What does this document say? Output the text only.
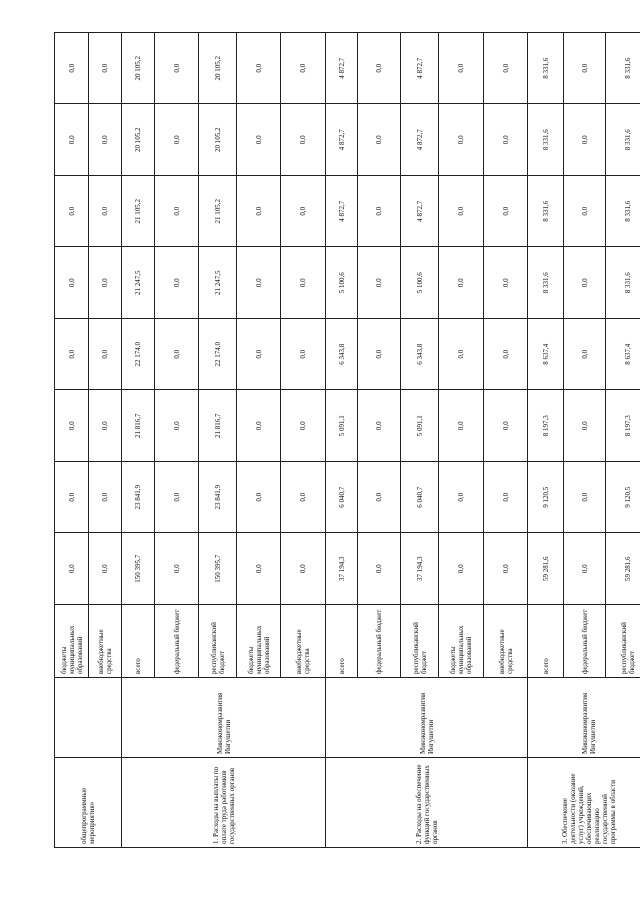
общепрограммные мероприятия»		бюджеты муниципальных образований	0,0	0,0	0,0	0,0	0,0	0,0	0,0	0,0
		внебюджетные средства	0,0	0,0	0,0	0,0	0,0	0,0	0,0	0,0
1. Расходы на выплаты по оплате труда работников государственных органов	Минэкономразвития Ингушетии	всего	150 395,7	23 841,9	21 816,7	22 174,0	21 247,5	21 105,2	20 105,2	20 105,2
		федеральный бюджет	0,0	0,0	0,0	0,0	0,0	0,0	0,0	0,0
		республиканский бюджет	150 395,7	23 841,9	21 816,7	22 174,0	21 247,5	21 105,2	20 105,2	20 105,2
		бюджеты муниципальных образований	0,0	0,0	0,0	0,0	0,0	0,0	0,0	0,0
		внебюджетные средства	0,0	0,0	0,0	0,0	0,0	0,0	0,0	0,0
2. Расходы на обеспечение функций государственных органов	Минэкономразвития Ингушетии	всего	37 194,3	6 040,7	5 091,1	6 343,8	5 100,6	4 872,7	4 872,7	4 872,7
		федеральный бюджет	0,0	0,0	0,0	0,0	0,0	0,0	0,0	0,0
		республиканский бюджет	37 194,3	6 040,7	5 091,1	6 343,8	5 100,6	4 872,7	4 872,7	4 872,7
		бюджеты муниципальных образований	0,0	0,0	0,0	0,0	0,0	0,0	0,0	0,0
		внебюджетные средства	0,0	0,0	0,0	0,0	0,0	0,0	0,0	0,0
3. Обеспечение деятельности (оказание услуг) учреждений, обеспечивающих реализацию государственной программы в области	Минэкономразвития Ингушетии	всего	59 281,6	9 120,5	8 197,3	8 637,4	8 331,6	8 331,6	8 331,6	8 331,6
		федеральный бюджет	0,0	0,0	0,0	0,0	0,0	0,0	0,0	0,0
		республиканский бюджет	59 281,6	9 120,5	8 197,3	8 637,4	8 331,6	8 331,6	8 331,6	8 331,6
